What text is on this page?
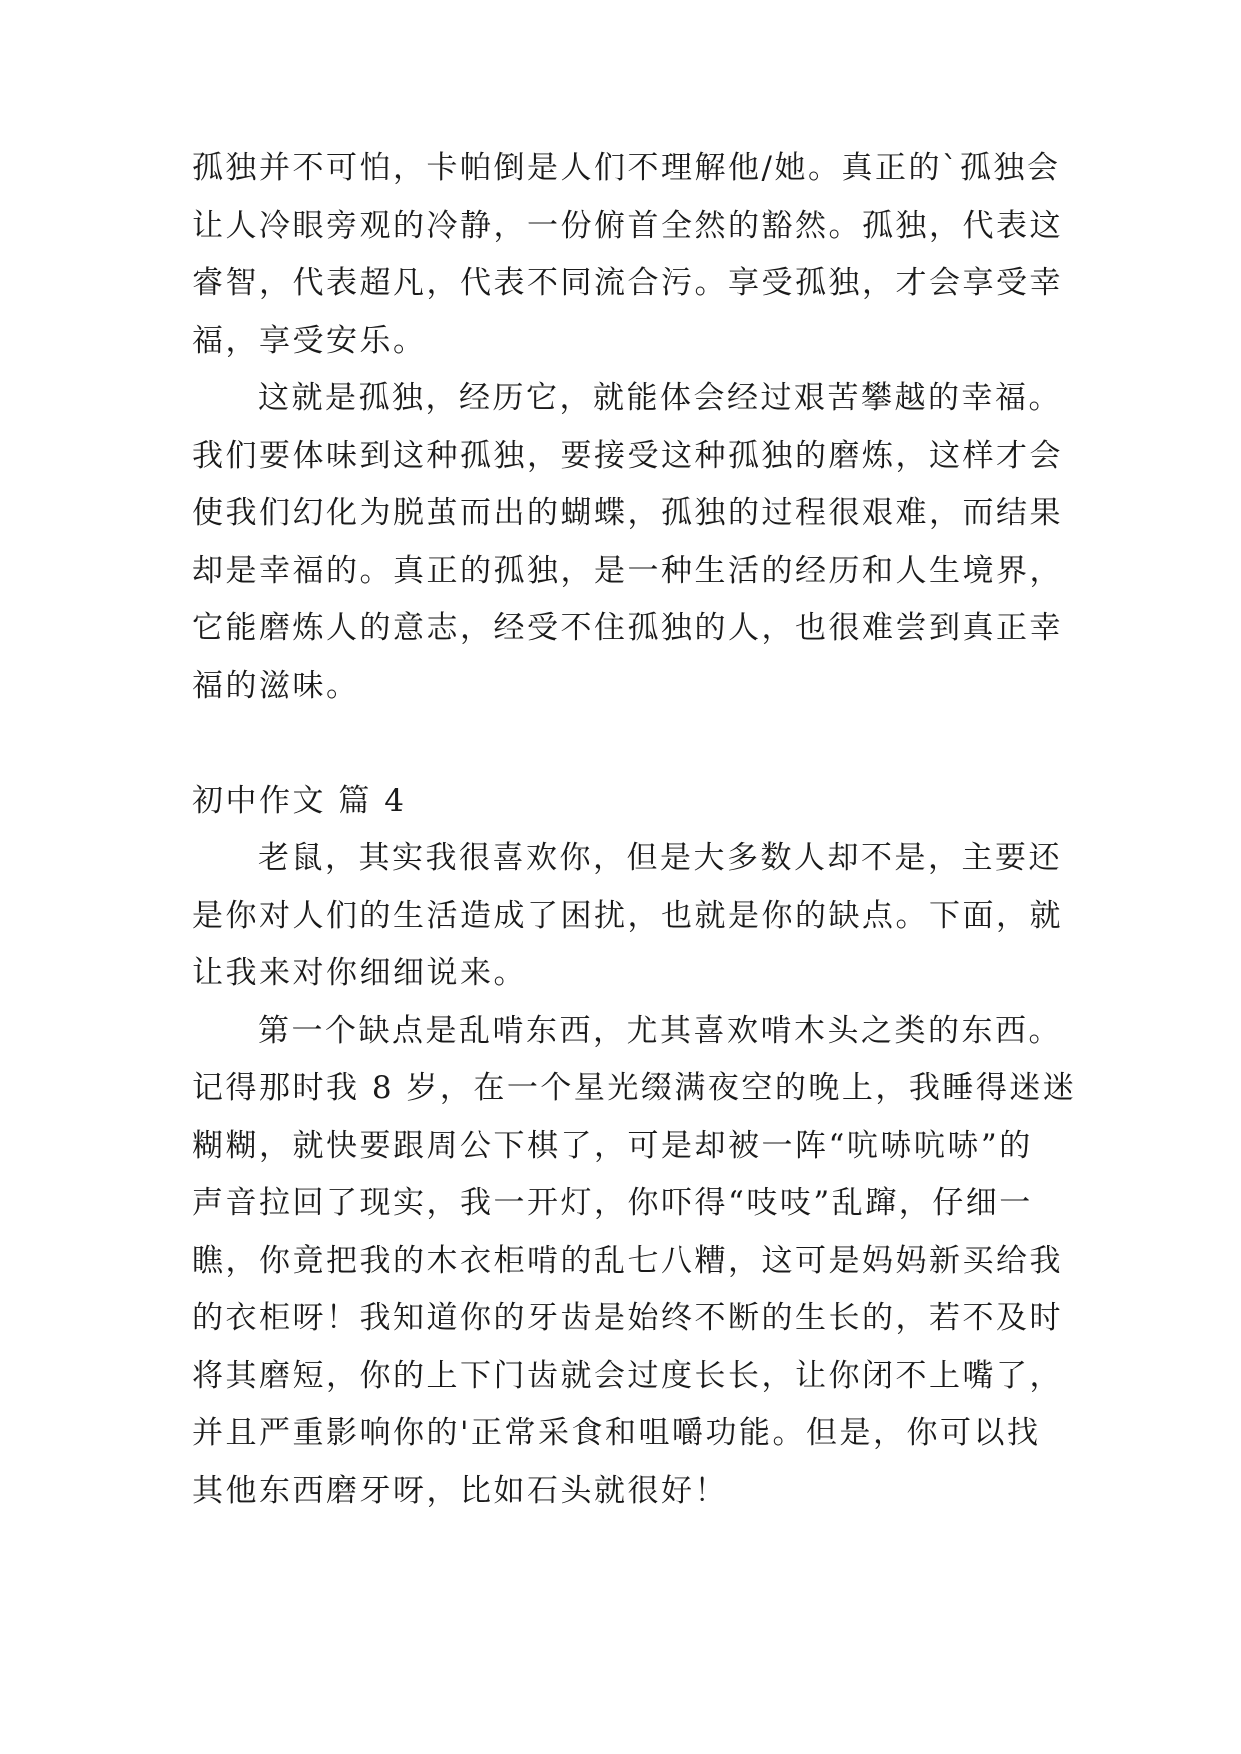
孤独并不可怕，卡帕倒是人们不理解他/她。真正的`孤独会
让人冷眼旁观的冷静，一份俯首全然的豁然。孤独，代表这
睿智，代表超凡，代表不同流合污。享受孤独，才会享受幸
福，享受安乐。
这就是孤独，经历它，就能体会经过艰苦攀越的幸福。
我们要体味到这种孤独，要接受这种孤独的磨炼，这样才会
使我们幻化为脱茧而出的蝴蝶，孤独的过程很艰难，而结果
却是幸福的。真正的孤独，是一种生活的经历和人生境界，
它能磨炼人的意志，经受不住孤独的人，也很难尝到真正幸
福的滋味。
初中作文 篇 4
老鼠，其实我很喜欢你，但是大多数人却不是，主要还
是你对人们的生活造成了困扰，也就是你的缺点。下面，就
让我来对你细细说来。
第一个缺点是乱啃东西，尤其喜欢啃木头之类的东西。
记得那时我 8 岁，在一个星光缀满夜空的晚上，我睡得迷迷
糊糊，就快要跟周公下棋了，可是却被一阵“吭哧吭哧”的
声音拉回了现实，我一开灯，你吓得“吱吱”乱蹿，仔细一
瞧，你竟把我的木衣柜啃的乱七八糟，这可是妈妈新买给我
的衣柜呀！我知道你的牙齿是始终不断的生长的，若不及时
将其磨短，你的上下门齿就会过度长长，让你闭不上嘴了，
并且严重影响你的'正常采食和咀嚼功能。但是，你可以找
其他东西磨牙呀，比如石头就很好！
